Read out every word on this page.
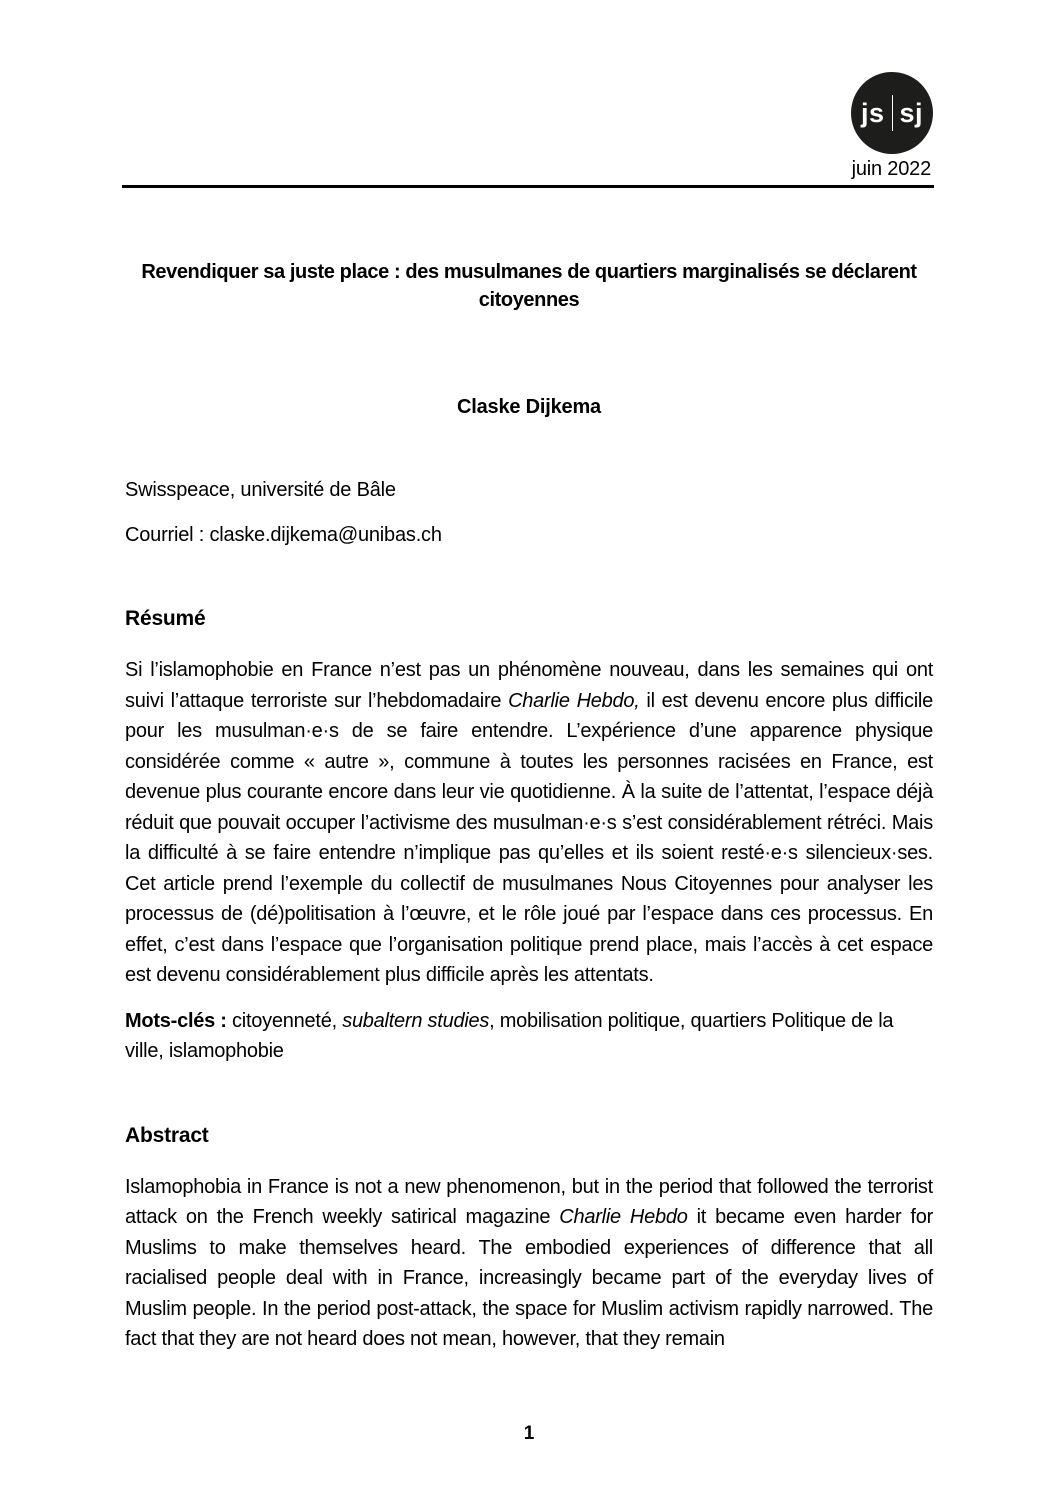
js sj
juin 2022
Revendiquer sa juste place : des musulmanes de quartiers marginalisés se déclarent citoyennes
Claske Dijkema

Swisspeace, université de Bâle

Courriel : claske.dijkema@unibas.ch

Résumé

Si l’islamophobie en France n’est pas un phénomène nouveau, dans les semaines qui ont suivi l’attaque terroriste sur l’hebdomadaire Charlie Hebdo, il est devenu encore plus difficile pour les musulman·e·s de se faire entendre. L’expérience d’une apparence physique considérée comme « autre », commune à toutes les personnes racisées en France, est devenue plus courante encore dans leur vie quotidienne. À la suite de l’attentat, l’espace déjà réduit que pouvait occuper l’activisme des musulman·e·s s’est considérablement rétréci. Mais la difficulté à se faire entendre n’implique pas qu’elles et ils soient resté·e·s silencieux·ses. Cet article prend l’exemple du collectif de musulmanes Nous Citoyennes pour analyser les processus de (dé)politisation à l’œuvre, et le rôle joué par l’espace dans ces processus. En effet, c’est dans l’espace que l’organisation politique prend place, mais l’accès à cet espace est devenu considérablement plus difficile après les attentats.

Mots-clés : citoyenneté, subaltern studies, mobilisation politique, quartiers Politique de la ville, islamophobie

Abstract

Islamophobia in France is not a new phenomenon, but in the period that followed the terrorist attack on the French weekly satirical magazine Charlie Hebdo it became even harder for Muslims to make themselves heard. The embodied experiences of difference that all racialised people deal with in France, increasingly became part of the everyday lives of Muslim people. In the period post-attack, the space for Muslim activism rapidly narrowed. The fact that they are not heard does not mean, however, that they remain

1
